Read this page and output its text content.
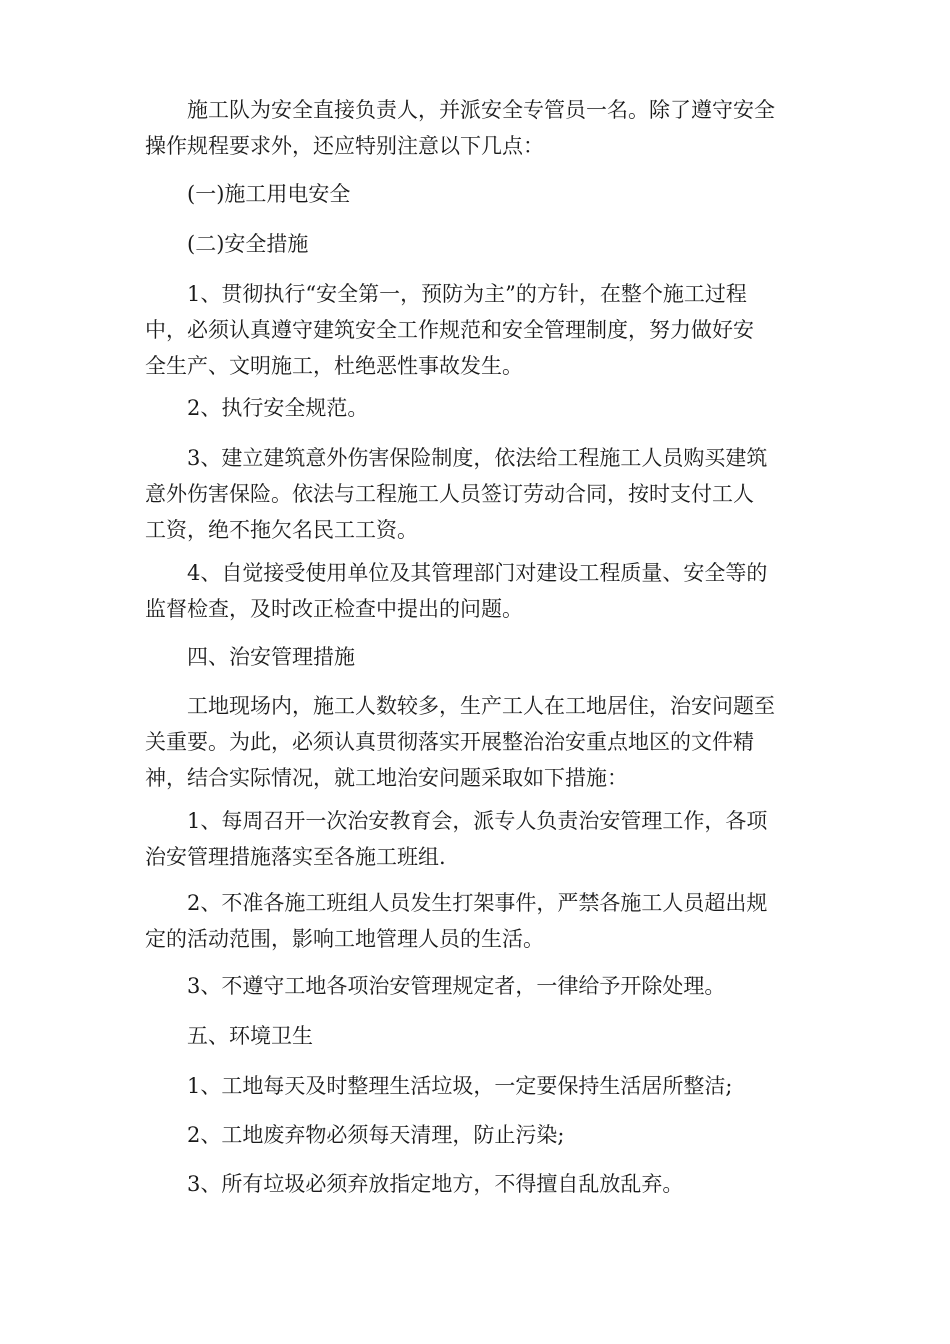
施工队为安全直接负责人，并派安全专管员一名。除了遵守安全
操作规程要求外，还应特别注意以下几点：

(一)施工用电安全

(二)安全措施

1、贯彻执行“安全第一，预防为主”的方针，在整个施工过程
中，必须认真遵守建筑安全工作规范和安全管理制度，努力做好安
全生产、文明施工，杜绝恶性事故发生。

2、执行安全规范。

3、建立建筑意外伤害保险制度，依法给工程施工人员购买建筑
意外伤害保险。依法与工程施工人员签订劳动合同，按时支付工人
工资，绝不拖欠名民工工资。

4、自觉接受使用单位及其管理部门对建设工程质量、安全等的
监督检查，及时改正检查中提出的问题。

四、治安管理措施

工地现场内，施工人数较多，生产工人在工地居住，治安问题至
关重要。为此，必须认真贯彻落实开展整治治安重点地区的文件精
神，结合实际情况，就工地治安问题采取如下措施：

1、每周召开一次治安教育会，派专人负责治安管理工作，各项
治安管理措施落实至各施工班组.

2、不准各施工班组人员发生打架事件，严禁各施工人员超出规
定的活动范围，影响工地管理人员的生活。

3、不遵守工地各项治安管理规定者，一律给予开除处理。

五、环境卫生

1、工地每天及时整理生活垃圾，一定要保持生活居所整洁;

2、工地废弃物必须每天清理，防止污染;

3、所有垃圾必须弃放指定地方，不得擅自乱放乱弃。
